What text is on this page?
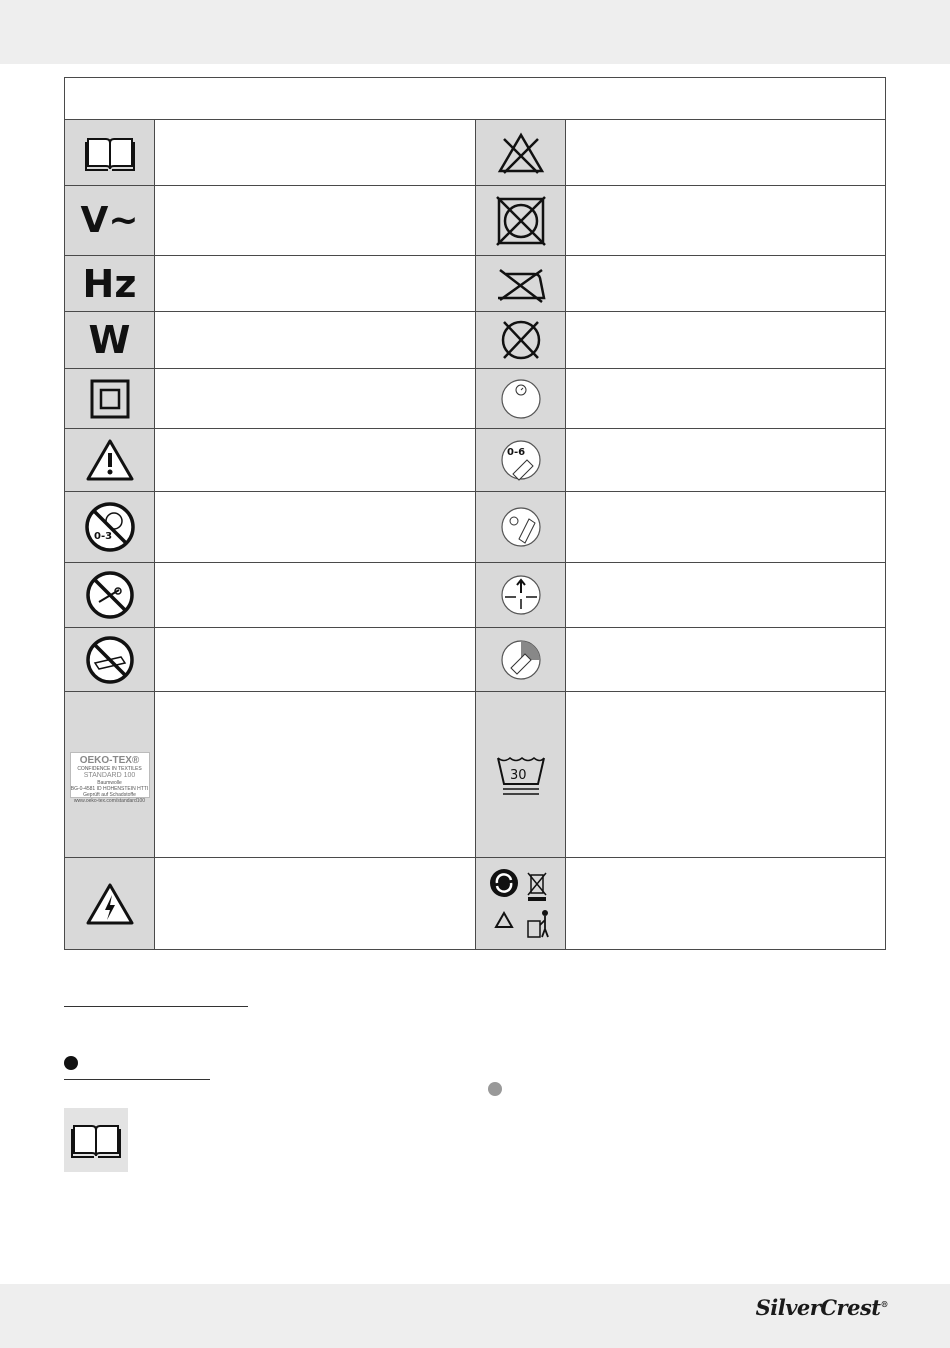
V~
Hz
W
0-6
0-3
OEKO-TEX®
CONFIDENCE IN TEXTILES
STANDARD 100
Baumwolle
BG-0-4581 ID HOHENSTEIN HTTI
Geprüft auf Schadstoffe
www.oeko-tex.com/standard100
30
SilverCrest®
